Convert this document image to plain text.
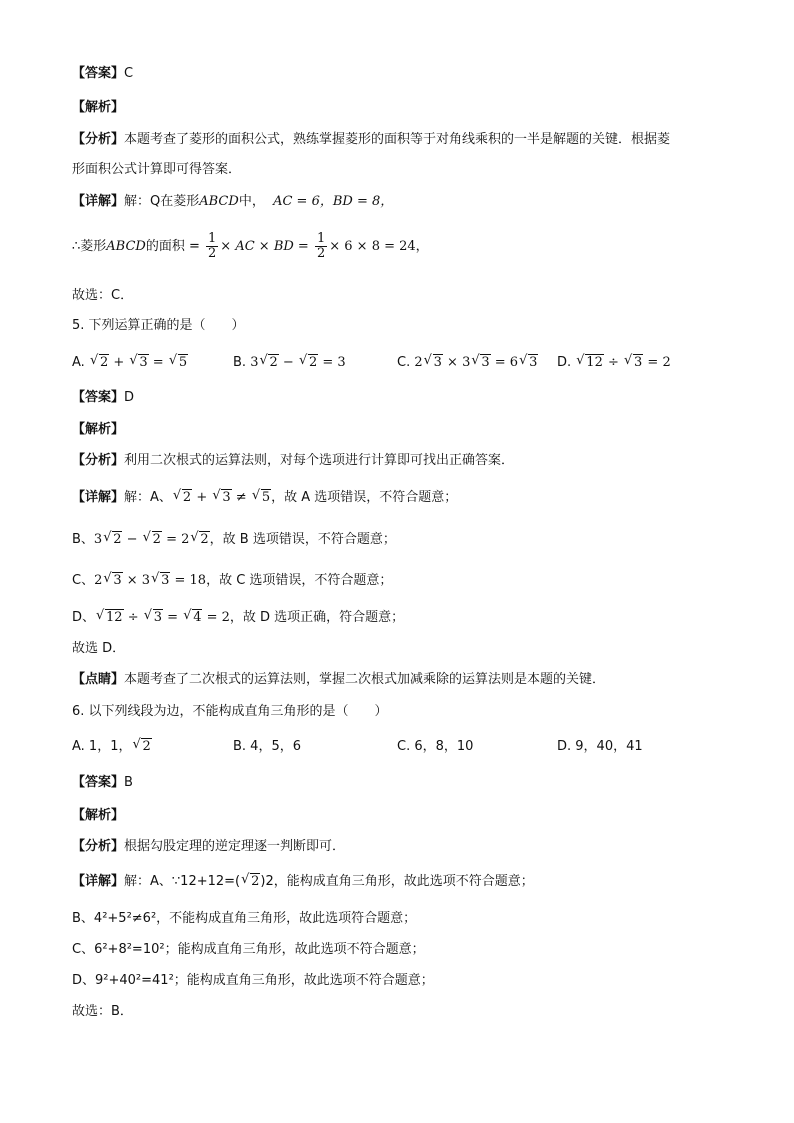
【答案】C
【解析】
【分析】本题考查了菱形的面积公式，熟练掌握菱形的面积等于对角线乘积的一半是解题的关键．根据菱
形面积公式计算即可得答案．
【详解】解：Q在菱形ABCD中， AC = 6，BD = 8，
∴菱形ABCD的面积 = $\frac{1}{2}$ × AC × BD = $\frac{1}{2} \times 6 \times 8 = 24$，
故选：C．
5. 下列运算正确的是（　　）
A. √ 2 + √ 3 = √ 5	B. 3 √ 2 − √ 2 = 3	C. 2 √ 3 × 3 √ 3 = 6 √ 3 D. √ 12 ÷ √ 3 = 2
【答案】D
【解析】
【分析】利用二次根式的运算法则，对每个选项进行计算即可找出正确答案．
【详解】解：A、 √ 2 + √ 3 ≠ √ 5，故 A 选项错误，不符合题意；
B、3 √ 2 − √ 2 = 2 √ 2，故 B 选项错误，不符合题意；
C、2 √ 3 × 3 √ 3 = 18，故 C 选项错误，不符合题意；
D、 √ 12 ÷ √ 3 = √ 4 = 2，故 D 选项正确，符合题意；
故选 D．
【点睛】本题考查了二次根式的运算法则，掌握二次根式加减乘除的运算法则是本题的关键．
6. 以下列线段为边，不能构成直角三角形的是（　　）
A. 1，1， √ 2	B. 4，5，6	C. 6，8，10	D. 9，40，41
【答案】B
【解析】
【分析】根据勾股定理的逆定理逐一判断即可．
【详解】解：A、∵12+12=( √ 2)2，能构成直角三角形，故此选项不符合题意；
B、4²+5²≠6²，不能构成直角三角形，故此选项符合题意；
C、6²+8²=10²；能构成直角三角形，故此选项不符合题意；
D、9²+40²=41²；能构成直角三角形，故此选项不符合题意；
故选：B．
